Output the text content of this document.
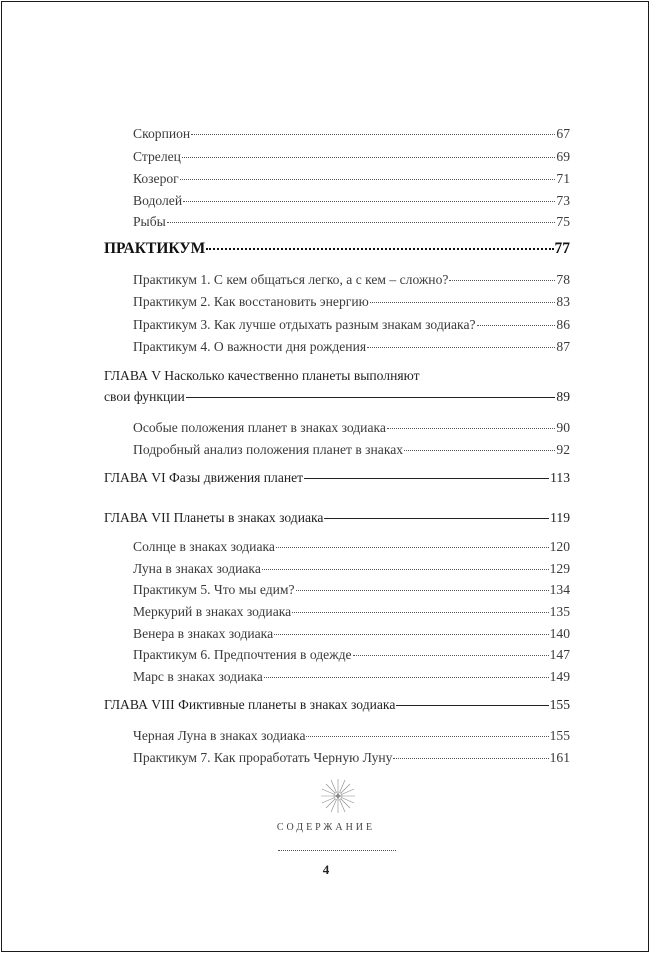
Скорпион	67
Стрелец	69
Козерог	71
Водолей	73
Рыбы	75
ПРАКТИКУМ	77
Практикум 1. С кем общаться легко, а с кем – сложно?	78
Практикум 2. Как восстановить энергию	83
Практикум 3. Как лучше отдыхать разным знакам зодиака?	86
Практикум 4. О важности дня рождения	87
ГЛАВА V Насколько качественно планеты выполняют
свои функции	89
Особые положения планет в знаках зодиака	90
Подробный анализ положения планет в знаках	92
ГЛАВА VI Фазы движения планет	113
ГЛАВА VII Планеты в знаках зодиака	119
Солнце в знаках зодиака	120
Луна в знаках зодиака	129
Практикум 5. Что мы едим?	134
Меркурий в знаках зодиака	135
Венера в знаках зодиака	140
Практикум 6. Предпочтения в одежде	147
Марс в знаках зодиака	149
ГЛАВА VIII Фиктивные планеты в знаках зодиака	155
Черная Луна в знаках зодиака	155
Практикум 7. Как проработать Черную Луну	161
СОДЕРЖАНИЕ
4
